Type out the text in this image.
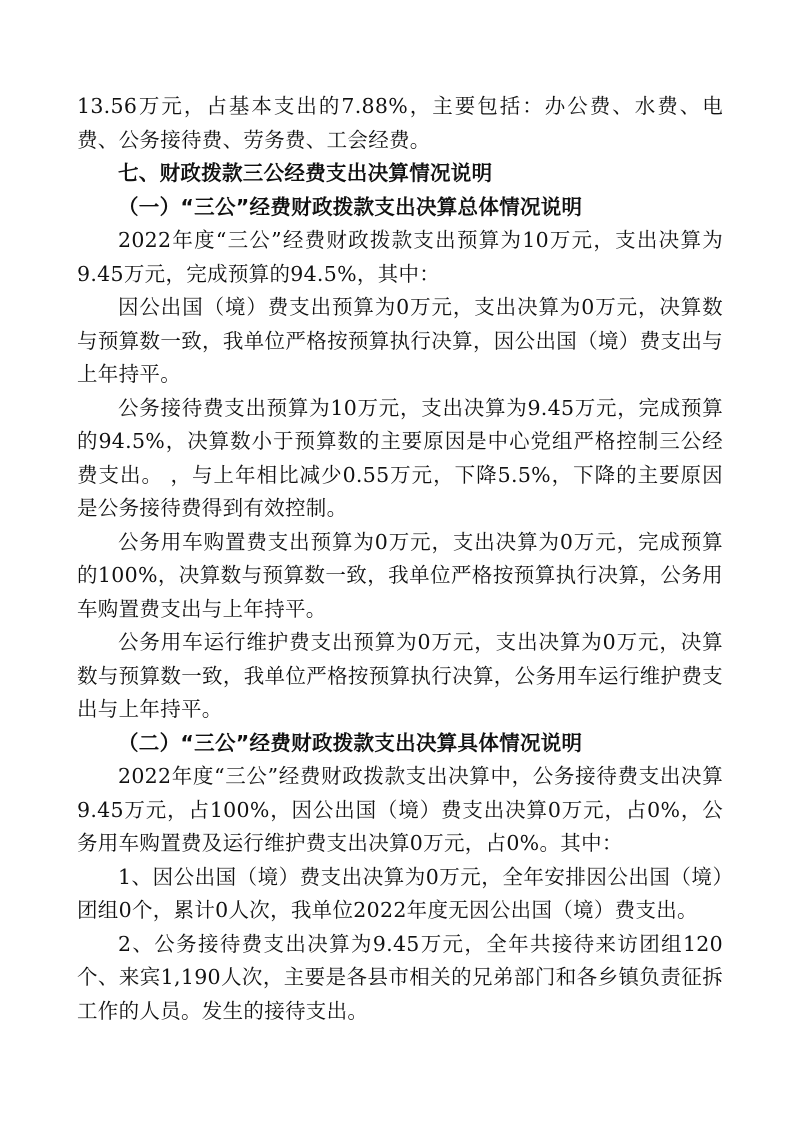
13.56万元，占基本支出的7.88%，主要包括：办公费、水费、电费、公务接待费、劳务费、工会经费。

七、财政拨款三公经费支出决算情况说明

（一）“三公”经费财政拨款支出决算总体情况说明

2022年度“三公”经费财政拨款支出预算为10万元，支出决算为9.45万元，完成预算的94.5%，其中：

因公出国（境）费支出预算为0万元，支出决算为0万元，决算数与预算数一致，我单位严格按预算执行决算，因公出国（境）费支出与上年持平。

公务接待费支出预算为10万元，支出决算为9.45万元，完成预算的94.5%，决算数小于预算数的主要原因是中心党组严格控制三公经费支出。 ，与上年相比减少0.55万元，下降5.5%，下降的主要原因是公务接待费得到有效控制。

公务用车购置费支出预算为0万元，支出决算为0万元，完成预算的100%，决算数与预算数一致，我单位严格按预算执行决算，公务用车购置费支出与上年持平。

公务用车运行维护费支出预算为0万元，支出决算为0万元，决算数与预算数一致，我单位严格按预算执行决算，公务用车运行维护费支出与上年持平。

（二）“三公”经费财政拨款支出决算具体情况说明

2022年度“三公”经费财政拨款支出决算中，公务接待费支出决算9.45万元，占100%，因公出国（境）费支出决算0万元，占0%，公务用车购置费及运行维护费支出决算0万元，占0%。其中：

1、因公出国（境）费支出决算为0万元，全年安排因公出国（境）团组0个，累计0人次，我单位2022年度无因公出国（境）费支出。

2、公务接待费支出决算为9.45万元，全年共接待来访团组120个、来宾1,190人次，主要是各县市相关的兄弟部门和各乡镇负责征拆工作的人员。发生的接待支出。
